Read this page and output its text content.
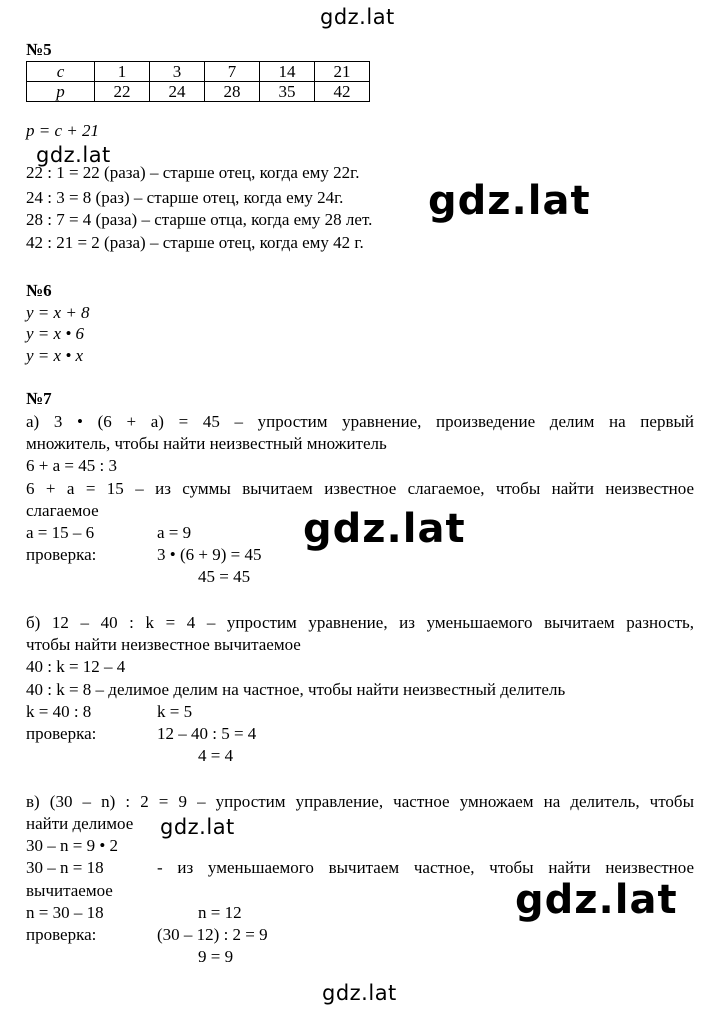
gdz.lat
gdz.lat
gdz.lat
gdz.lat
gdz.lat
gdz.lat
gdz.lat
№5
c	1	3	7	14	21
p	22	24	28	35	42
p = c + 21
22 : 1 = 22 (раза) – старше отец, когда ему 22г.
24 : 3 = 8 (раз) – старше отец, когда ему 24г.
28 : 7 = 4 (раза) – старше отца, когда ему 28 лет.
42 : 21 = 2 (раза) – старше отец, когда ему 42 г.
№6
y = x + 8
y = x • 6
y = x • x
№7
а) 3 • (6 + a) = 45 – упростим уравнение, произведение делим на первый
множитель, чтобы найти неизвестный множитель
6 + a = 45 : 3
6 + a = 15 – из суммы вычитаем известное слагаемое, чтобы найти неизвестное
слагаемое
a = 15 – 6	a = 9
проверка:	3 • (6 + 9) = 45
45 = 45
б) 12 – 40 : k = 4 – упростим уравнение, из уменьшаемого вычитаем разность,
чтобы найти неизвестное вычитаемое
40 : k = 12 – 4
40 : k = 8 – делимое делим на частное, чтобы найти неизвестный делитель
k = 40 : 8	k = 5
проверка:	12 – 40 : 5 = 4
4 = 4
в) (30 – n) : 2 = 9 – упростим управление, частное умножаем на делитель, чтобы
найти делимое
30 – n = 9 • 2
30 – n = 18	- из уменьшаемого вычитаем частное, чтобы найти неизвестное
вычитаемое
n = 30 – 18	n = 12
проверка:	(30 – 12) : 2 = 9
9 = 9
